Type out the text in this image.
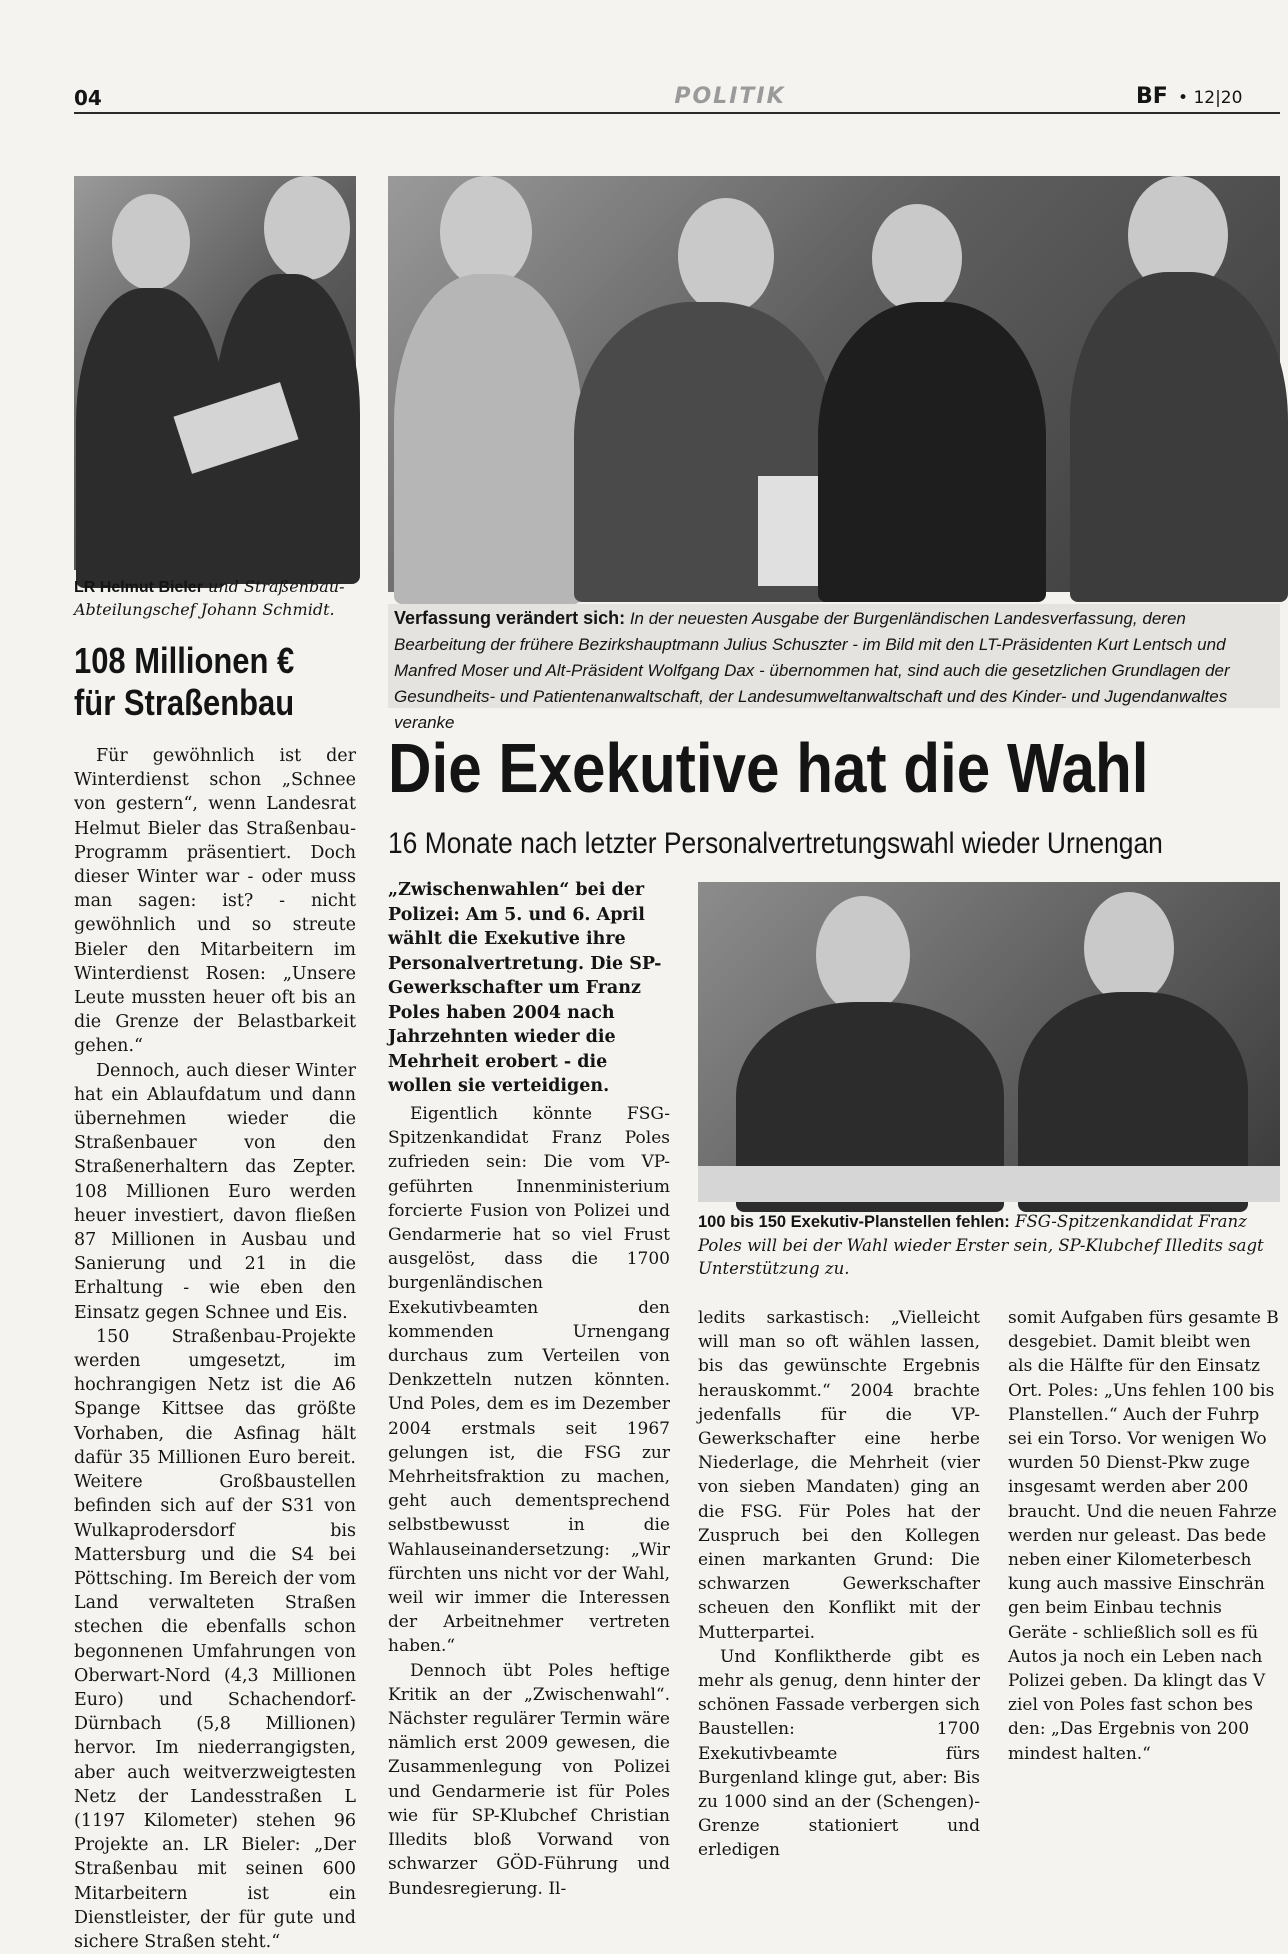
04	POLITIK	BF • 12|20
LR Helmut Bieler und Straßenbau-Abteilungschef Johann Schmidt.
108 Millionen € für Straßenbau

Für gewöhnlich ist der Winterdienst schon „Schnee von gestern“, wenn Landesrat Helmut Bieler das Straßenbau-Programm präsentiert. Doch dieser Winter war - oder muss man sagen: ist? - nicht gewöhnlich und so streute Bieler den Mitarbeitern im Winterdienst Rosen: „Unsere Leute mussten heuer oft bis an die Grenze der Belastbarkeit gehen.“

Dennoch, auch dieser Winter hat ein Ablaufdatum und dann übernehmen wieder die Straßenbauer von den Straßenerhaltern das Zepter. 108 Millionen Euro werden heuer investiert, davon fließen 87 Millionen in Ausbau und Sanierung und 21 in die Erhaltung - wie eben den Einsatz gegen Schnee und Eis.

150 Straßenbau-Projekte werden umgesetzt, im hochrangigen Netz ist die A6 Spange Kittsee das größte Vorhaben, die Asfinag hält dafür 35 Millionen Euro bereit. Weitere Großbaustellen befinden sich auf der S31 von Wulkaprodersdorf bis Mattersburg und die S4 bei Pöttsching. Im Bereich der vom Land verwalteten Straßen stechen die ebenfalls schon begonnenen Umfahrungen von Oberwart-Nord (4,3 Millionen Euro) und Schachendorf-Dürnbach (5,8 Millionen) hervor. Im niederrangigsten, aber auch weitverzweigtesten Netz der Landesstraßen L (1197 Kilometer) stehen 96 Projekte an. LR Bieler: „Der Straßenbau mit seinen 600 Mitarbeitern ist ein Dienstleister, der für gute und sichere Straßen steht.“

Verfassung verändert sich: In der neuesten Ausgabe der Burgenländischen Landesverfassung, deren Bearbeitung der frühere Bezirkshauptmann Julius Schuszter - im Bild mit den LT-Präsidenten Kurt Lentsch und Manfred Moser und Alt-Präsident Wolfgang Dax - übernommen hat, sind auch die gesetzlichen Grundlagen der Gesundheits- und Patientenanwaltschaft, der Landesumweltanwaltschaft und des Kinder- und Jugendanwaltes veranke
Die Exekutive hat die Wahl
16 Monate nach letzter Personalvertretungswahl wieder Urnengan
„Zwischenwahlen“ bei der Polizei: Am 5. und 6. April wählt die Exekutive ihre Personalvertretung. Die SP-Gewerkschafter um Franz Poles haben 2004 nach Jahrzehnten wieder die Mehrheit erobert - die wollen sie verteidigen.
100 bis 150 Exekutiv-Planstellen fehlen: FSG-Spitzenkandidat Franz Poles will bei der Wahl wieder Erster sein, SP-Klubchef Illedits sagt Unterstützung zu.

Eigentlich könnte FSG-Spitzenkandidat Franz Poles zufrieden sein: Die vom VP-geführten Innenministerium forcierte Fusion von Polizei und Gendarmerie hat so viel Frust ausgelöst, dass die 1700 burgenländischen Exekutivbeamten den kommenden Urnengang durchaus zum Verteilen von Denkzetteln nutzen könnten. Und Poles, dem es im Dezember 2004 erstmals seit 1967 gelungen ist, die FSG zur Mehrheitsfraktion zu machen, geht auch dementsprechend selbstbewusst in die Wahlauseinandersetzung: „Wir fürchten uns nicht vor der Wahl, weil wir immer die Interessen der Arbeitnehmer vertreten haben.“

Dennoch übt Poles heftige Kritik an der „Zwischenwahl“. Nächster regulärer Termin wäre nämlich erst 2009 gewesen, die Zusammenlegung von Polizei und Gendarmerie ist für Poles wie für SP-Klubchef Christian Illedits bloß Vorwand von schwarzer GÖD-Führung und Bundesregierung. Il-

ledits sarkastisch: „Vielleicht will man so oft wählen lassen, bis das gewünschte Ergebnis herauskommt.“ 2004 brachte jedenfalls für die VP-Gewerkschafter eine herbe Niederlage, die Mehrheit (vier von sieben Mandaten) ging an die FSG. Für Poles hat der Zuspruch bei den Kollegen einen markanten Grund: Die schwarzen Gewerkschafter scheuen den Konflikt mit der Mutterpartei.

Und Konfliktherde gibt es mehr als genug, denn hinter der schönen Fassade verbergen sich Baustellen: 1700 Exekutivbeamte fürs Burgenland klinge gut, aber: Bis zu 1000 sind an der (Schengen)-Grenze stationiert und erledigen

somit Aufgaben fürs gesamte B desgebiet. Damit bleibt wen als die Hälfte für den Einsatz Ort. Poles: „Uns fehlen 100 bis Planstellen.“ Auch der Fuhrp sei ein Torso. Vor wenigen Wo wurden 50 Dienst-Pkw zuge insgesamt werden aber 200 braucht. Und die neuen Fahrze werden nur geleast. Das bede neben einer Kilometerbesch kung auch massive Einschrän gen beim Einbau technis Geräte - schließlich soll es fü Autos ja noch ein Leben nach Polizei geben. Da klingt das V ziel von Poles fast schon bes den: „Das Ergebnis von 200 mindest halten.“
